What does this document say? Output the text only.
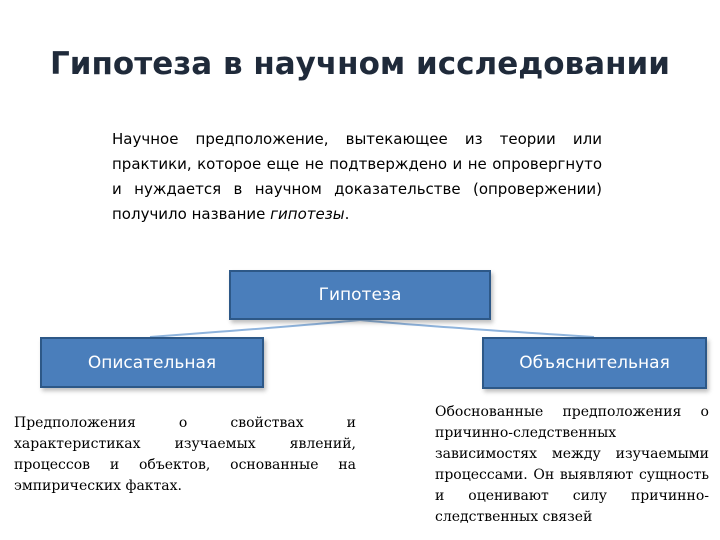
Гипотеза в научном исследовании
Научное предположение, вытекающее из теории или практики, которое еще не подтверждено и не опровергнуто и нуждается в научном доказательстве (опровержении) получило название гипотезы.
Гипотеза
Описательная	Объяснительная
Предположения о свойствах и характеристиках изучаемых явлений, процессов и объектов, основанные на эмпирических фактах.
Обоснованные предположения о причинно-следственных зависимостях между изучаемыми процессами. Он выявляют сущность и оценивают силу причинно-следственных связей
